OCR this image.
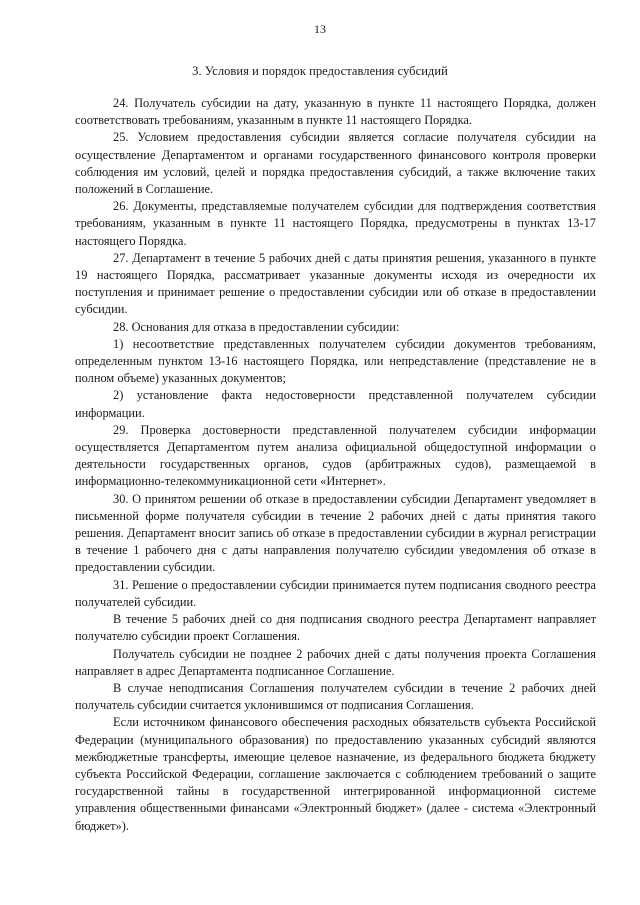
13
3. Условия и порядок предоставления субсидий

24. Получатель субсидии на дату, указанную в пункте 11 настоящего Порядка, должен соответствовать требованиям, указанным в пункте 11 настоящего Порядка.

25. Условием предоставления субсидии является согласие получателя субсидии на осуществление Департаментом и органами государственного финансового контроля проверки соблюдения им условий, целей и порядка предоставления субсидий, а также включение таких положений в Соглашение.

26. Документы, представляемые получателем субсидии для подтверждения соответствия требованиям, указанным в пункте 11 настоящего Порядка, предусмотрены в пунктах 13-17 настоящего Порядка.

27. Департамент в течение 5 рабочих дней с даты принятия решения, указанного в пункте 19 настоящего Порядка, рассматривает указанные документы исходя из очередности их поступления и принимает решение о предоставлении субсидии или об отказе в предоставлении субсидии.

28. Основания для отказа в предоставлении субсидии:

1) несоответствие представленных получателем субсидии документов требованиям, определенным пунктом 13-16 настоящего Порядка, или непредставление (представление не в полном объеме) указанных документов;

2) установление факта недостоверности представленной получателем субсидии информации.

29. Проверка достоверности представленной получателем субсидии информации осуществляется Департаментом путем анализа официальной общедоступной информации о деятельности государственных органов, судов (арбитражных судов), размещаемой в информационно-телекоммуникационной сети «Интернет».

30. О принятом решении об отказе в предоставлении субсидии Департамент уведомляет в письменной форме получателя субсидии в течение 2 рабочих дней с даты принятия такого решения. Департамент вносит запись об отказе в предоставлении субсидии в журнал регистрации в течение 1 рабочего дня с даты направления получателю субсидии уведомления об отказе в предоставлении субсидии.

31. Решение о предоставлении субсидии принимается путем подписания сводного реестра получателей субсидии.

В течение 5 рабочих дней со дня подписания сводного реестра Департамент направляет получателю субсидии проект Соглашения.

Получатель субсидии не позднее 2 рабочих дней с даты получения проекта Соглашения направляет в адрес Департамента подписанное Соглашение.

В случае неподписания Соглашения получателем субсидии в течение 2 рабочих дней получатель субсидии считается уклонившимся от подписания Соглашения.

Если источником финансового обеспечения расходных обязательств субъекта Российской Федерации (муниципального образования) по предоставлению указанных субсидий являются межбюджетные трансферты, имеющие целевое назначение, из федерального бюджета бюджету субъекта Российской Федерации, соглашение заключается с соблюдением требований о защите государственной тайны в государственной интегрированной информационной системе управления общественными финансами «Электронный бюджет» (далее - система «Электронный бюджет»).
